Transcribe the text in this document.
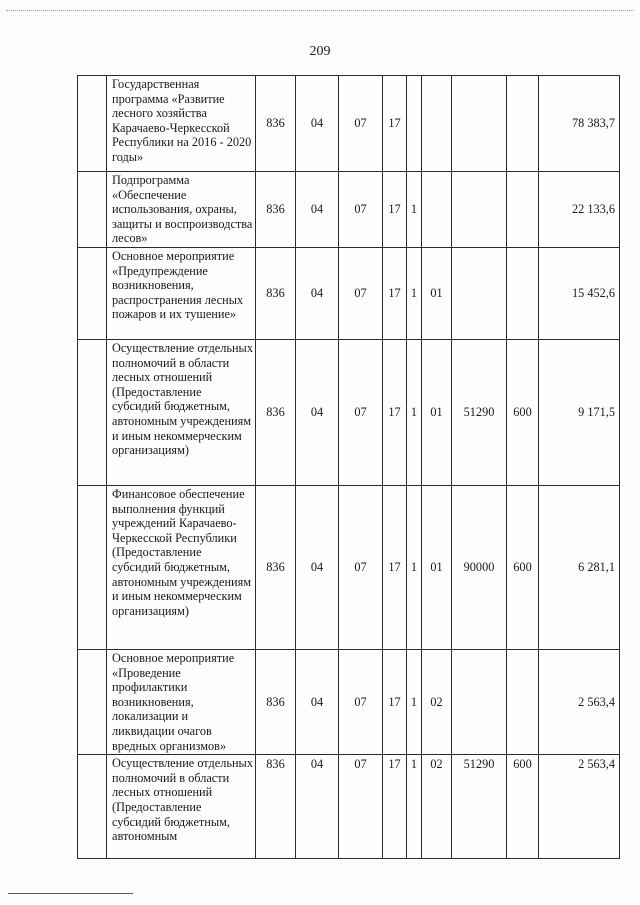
209
	Государственная программа «Развитие лесного хозяйства Карачаево-Черкесской Республики на 2016 - 2020 годы»	836	04	07	17					78 383,7
	Подпрограмма «Обеспечение использования, охраны, защиты и воспроизводства лесов»	836	04	07	17	1				22 133,6
	Основное мероприятие «Предупреждение возникновения, распространения лесных пожаров и их тушение»	836	04	07	17	1	01			15 452,6
	Осуществление отдельных полномочий в области лесных отношений (Предоставление субсидий бюджетным, автономным учреждениям и иным некоммерческим организациям)	836	04	07	17	1	01	51290	600	9 171,5
	Финансовое обеспечение выполнения функций учреждений Карачаево-Черкесской Республики (Предоставление субсидий бюджетным, автономным учреждениям и иным некоммерческим организациям)	836	04	07	17	1	01	90000	600	6 281,1
	Основное мероприятие «Проведение профилактики возникновения, локализации и ликвидации очагов вредных организмов»	836	04	07	17	1	02			2 563,4
	Осуществление отдельных полномочий в области лесных отношений (Предоставление субсидий бюджетным, автономным	836	04	07	17	1	02	51290	600	2 563,4
